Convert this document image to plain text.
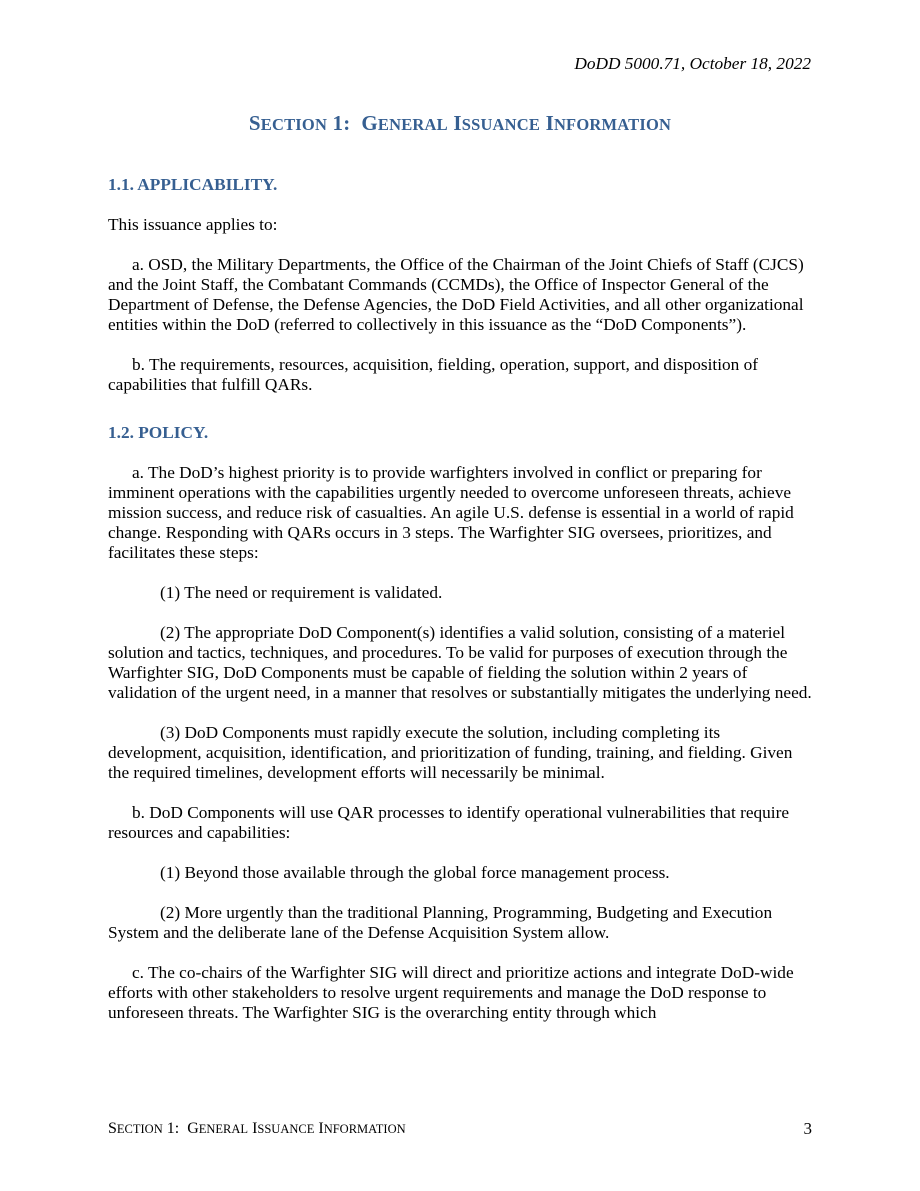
DoDD 5000.71, October 18, 2022
SECTION 1: GENERAL ISSUANCE INFORMATION

1.1. APPLICABILITY.

This issuance applies to:

a. OSD, the Military Departments, the Office of the Chairman of the Joint Chiefs of Staff (CJCS) and the Joint Staff, the Combatant Commands (CCMDs), the Office of Inspector General of the Department of Defense, the Defense Agencies, the DoD Field Activities, and all other organizational entities within the DoD (referred to collectively in this issuance as the “DoD Components”).

b. The requirements, resources, acquisition, fielding, operation, support, and disposition of capabilities that fulfill QARs.

1.2. POLICY.

a. The DoD’s highest priority is to provide warfighters involved in conflict or preparing for imminent operations with the capabilities urgently needed to overcome unforeseen threats, achieve mission success, and reduce risk of casualties. An agile U.S. defense is essential in a world of rapid change. Responding with QARs occurs in 3 steps. The Warfighter SIG oversees, prioritizes, and facilitates these steps:

(1) The need or requirement is validated.

(2) The appropriate DoD Component(s) identifies a valid solution, consisting of a materiel solution and tactics, techniques, and procedures. To be valid for purposes of execution through the Warfighter SIG, DoD Components must be capable of fielding the solution within 2 years of validation of the urgent need, in a manner that resolves or substantially mitigates the underlying need.

(3) DoD Components must rapidly execute the solution, including completing its development, acquisition, identification, and prioritization of funding, training, and fielding. Given the required timelines, development efforts will necessarily be minimal.

b. DoD Components will use QAR processes to identify operational vulnerabilities that require resources and capabilities:

(1) Beyond those available through the global force management process.

(2) More urgently than the traditional Planning, Programming, Budgeting and Execution System and the deliberate lane of the Defense Acquisition System allow.

c. The co-chairs of the Warfighter SIG will direct and prioritize actions and integrate DoD-wide efforts with other stakeholders to resolve urgent requirements and manage the DoD response to unforeseen threats. The Warfighter SIG is the overarching entity through which

SECTION 1: GENERAL ISSUANCE INFORMATION	3
